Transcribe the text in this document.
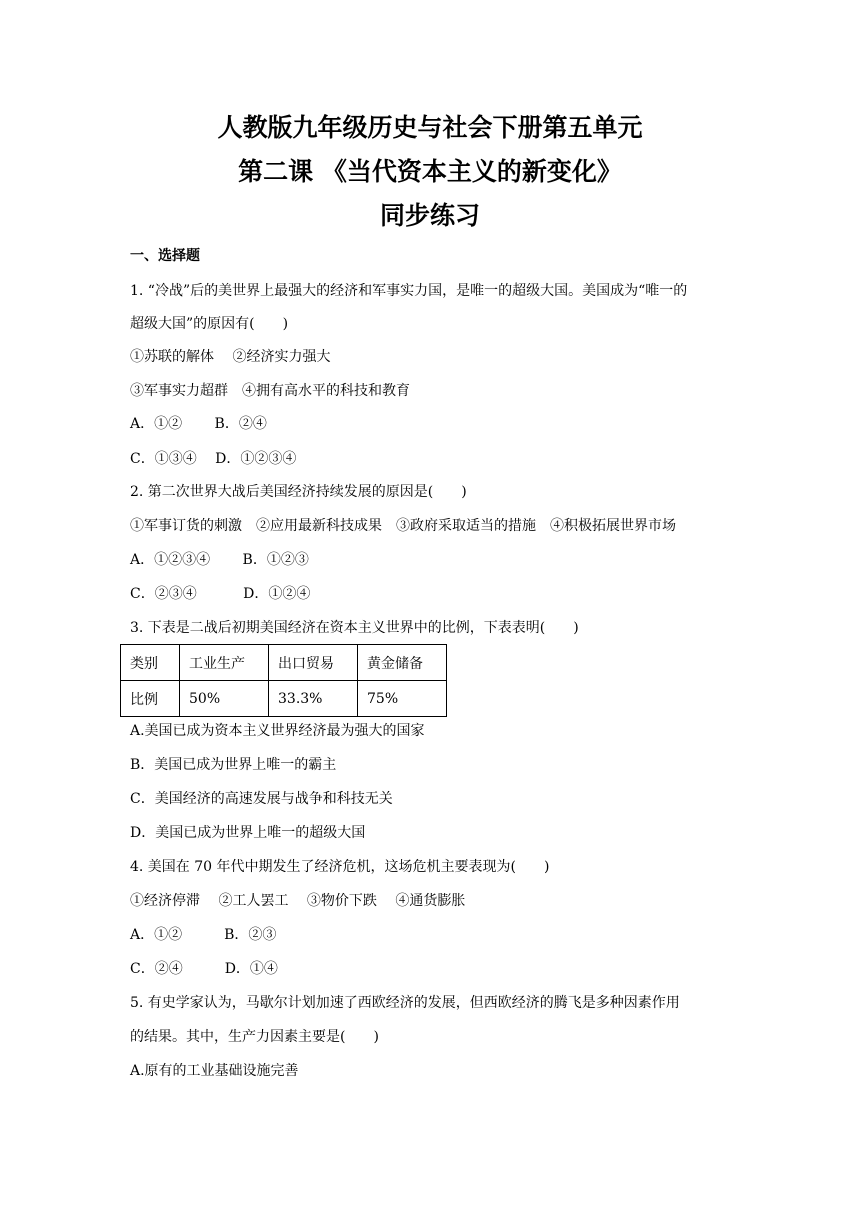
人教版九年级历史与社会下册第五单元
第二课 《当代资本主义的新变化》
同步练习
一、选择题
1. “冷战”后的美世界上最强大的经济和军事实力国，是唯一的超级大国。美国成为“唯一的
超级大国”的原因有(　　)
①苏联的解体　 ②经济实力强大
③军事实力超群　④拥有高水平的科技和教育
A．①②　　 B．②④
C．①③④　 D．①②③④
2. 第二次世界大战后美国经济持续发展的原因是(　　)
①军事订货的刺激　②应用最新科技成果　③政府采取适当的措施　④积极拓展世界市场
A．①②③④　　 B．①②③
C．②③④　　　 D．①②④
3. 下表是二战后初期美国经济在资本主义世界中的比例，下表表明(　　)
类别	工业生产	出口贸易	黄金储备
比例	50%	33.3%	75%
A.美国已成为资本主义世界经济最为强大的国家
B．美国已成为世界上唯一的霸主
C．美国经济的高速发展与战争和科技无关
D．美国已成为世界上唯一的超级大国
4. 美国在 70 年代中期发生了经济危机，这场危机主要表现为(　　)
①经济停滞　 ②工人罢工　 ③物价下跌　 ④通货膨胀
A．①②　　　B．②③
C．②④　　　D．①④
5. 有史学家认为，马歇尔计划加速了西欧经济的发展，但西欧经济的腾飞是多种因素作用
的结果。其中，生产力因素主要是(　　)
A.原有的工业基础设施完善
